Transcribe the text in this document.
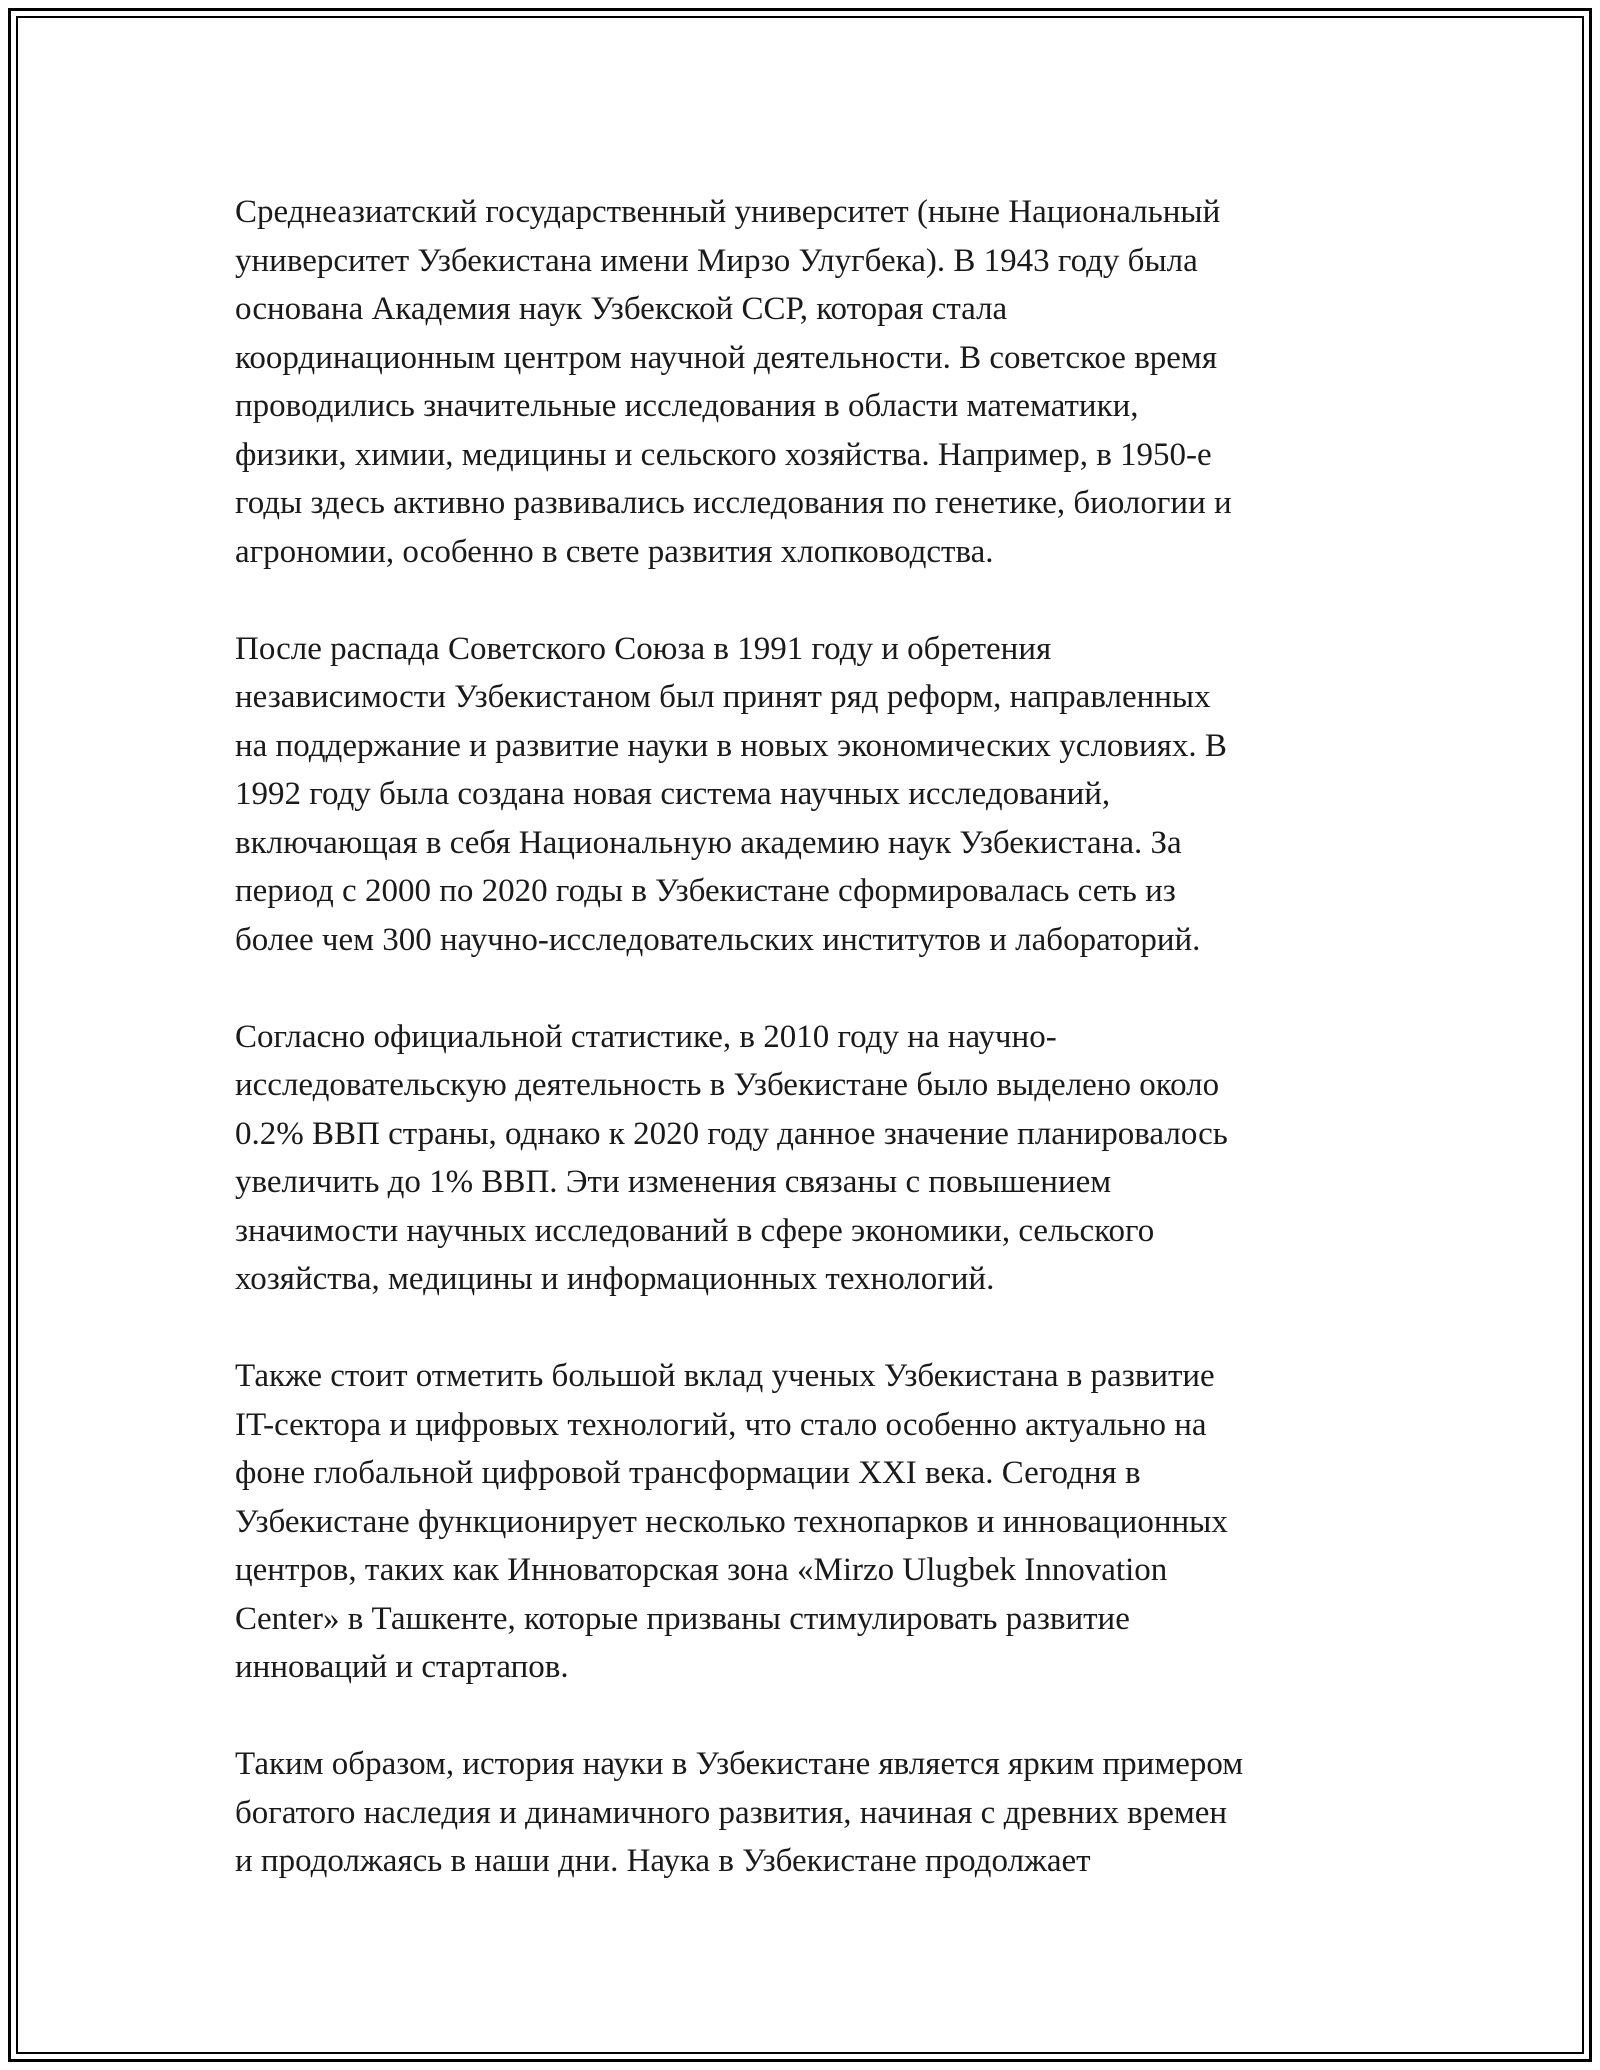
Среднеазиатский государственный университет (ныне Национальный
университет Узбекистана имени Мирзо Улугбека). В 1943 году была
основана Академия наук Узбекской ССР, которая стала
координационным центром научной деятельности. В советское время
проводились значительные исследования в области математики,
физики, химии, медицины и сельского хозяйства. Например, в 1950-е
годы здесь активно развивались исследования по генетике, биологии и
агрономии, особенно в свете развития хлопководства.

После распада Советского Союза в 1991 году и обретения
независимости Узбекистаном был принят ряд реформ, направленных
на поддержание и развитие науки в новых экономических условиях. В
1992 году была создана новая система научных исследований,
включающая в себя Национальную академию наук Узбекистана. За
период с 2000 по 2020 годы в Узбекистане сформировалась сеть из
более чем 300 научно-исследовательских институтов и лабораторий.

Согласно официальной статистике, в 2010 году на научно-
исследовательскую деятельность в Узбекистане было выделено около
0.2% ВВП страны, однако к 2020 году данное значение планировалось
увеличить до 1% ВВП. Эти изменения связаны с повышением
значимости научных исследований в сфере экономики, сельского
хозяйства, медицины и информационных технологий.

Также стоит отметить большой вклад ученых Узбекистана в развитие
IT-сектора и цифровых технологий, что стало особенно актуально на
фоне глобальной цифровой трансформации XXI века. Сегодня в
Узбекистане функционирует несколько технопарков и инновационных
центров, таких как Инноваторская зона «Mirzo Ulugbek Innovation
Center» в Ташкенте, которые призваны стимулировать развитие
инноваций и стартапов.

Таким образом, история науки в Узбекистане является ярким примером
богатого наследия и динамичного развития, начиная с древних времен
и продолжаясь в наши дни. Наука в Узбекистане продолжает
